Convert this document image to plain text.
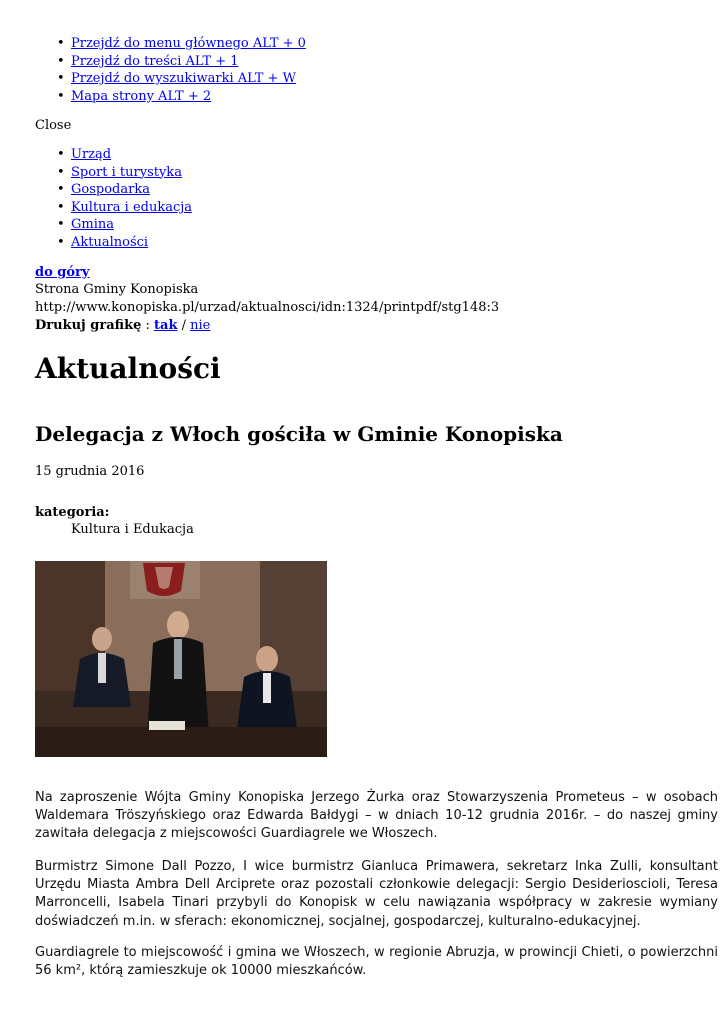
• Przejdź do menu głównego ALT + 0
• Przejdź do treści ALT + 1
• Przejdź do wyszukiwarki ALT + W
• Mapa strony ALT + 2
Close
• Urząd
• Sport i turystyka
• Gospodarka
• Kultura i edukacja
• Gmina
• Aktualności
do góry
Strona Gminy Konopiska
http://www.konopiska.pl/urzad/aktualnosci/idn:1324/printpdf/stg148:3
Drukuj grafikę : tak / nie
Aktualności
Delegacja z Włoch gościła w Gminie Konopiska
15 grudnia 2016
kategoria:
Kultura i Edukacja

Na zaproszenie Wójta Gminy Konopiska Jerzego Żurka oraz Stowarzyszenia Prometeus – w osobach Waldemara Tröszyńskiego oraz Edwarda Bałdygi – w dniach 10-12 grudnia 2016r. – do naszej gminy zawitała delegacja z miejscowości Guardiagrele we Włoszech.

Burmistrz Simone Dall Pozzo, I wice burmistrz Gianluca Primawera, sekretarz Inka Zulli, konsultant Urzędu Miasta Ambra Dell Arciprete oraz pozostali członkowie delegacji: Sergio Desiderioscioli, Teresa Marroncelli, Isabela Tinari przybyli do Konopisk w celu nawiązania współpracy w zakresie wymiany doświadczeń m.in. w sferach: ekonomicznej, socjalnej, gospodarczej, kulturalno-edukacyjnej.

Guardiagrele to miejscowość i gmina we Włoszech, w regionie Abruzja, w prowincji Chieti, o powierzchni 56 km², którą zamieszkuje ok 10000 mieszkańców.
